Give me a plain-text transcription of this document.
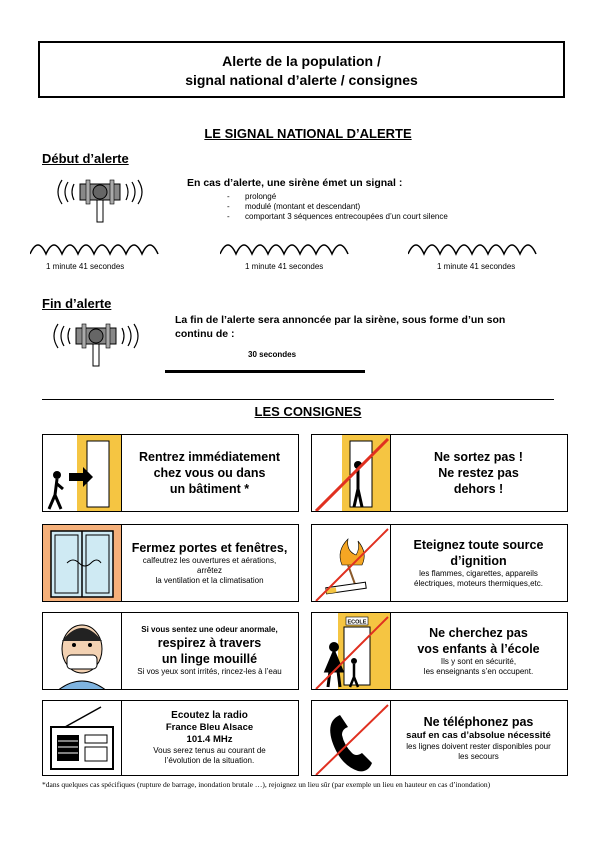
Alerte de la population /
signal national d’alerte / consignes
LE SIGNAL NATIONAL D’ALERTE
Début d’alerte
En cas d’alerte, une sirène émet un signal :
- prolongé
- modulé (montant et descendant)
- comportant 3 séquences entrecoupées d’un court silence
1 minute 41 secondes	1 minute 41 secondes	1 minute 41 secondes
Fin d’alerte
La fin de l’alerte sera annoncée par la sirène, sous forme d’un son
continu de :
30 secondes
LES CONSIGNES
Rentrez immédiatement
chez vous ou dans
un bâtiment *
Ne sortez pas !
Ne restez pas
dehors !
Fermez portes et fenêtres,
calfeutrez les ouvertures et aérations,
arrêtez
la ventilation et la climatisation
Eteignez toute source
d’ignition
les flammes, cigarettes, appareils
électriques, moteurs thermiques,etc.
Si vous sentez une odeur anormale,
respirez à travers
un linge mouillé
Si vos yeux sont irrités, rincez-les à l’eau
ECOLE
Ne cherchez pas
vos enfants à l’école
Ils y sont en sécurité,
les enseignants s’en occupent.
Ecoutez la radio
France Bleu Alsace
101.4 MHz
Vous serez tenus au courant de
l’évolution de la situation.
Ne téléphonez pas
sauf en cas d’absolue nécessité
les lignes doivent rester disponibles pour
les secours
*dans quelques cas spécifiques (rupture de barrage, inondation brutale …), rejoignez un lieu sûr (par exemple un lieu en hauteur en cas d’inondation)
